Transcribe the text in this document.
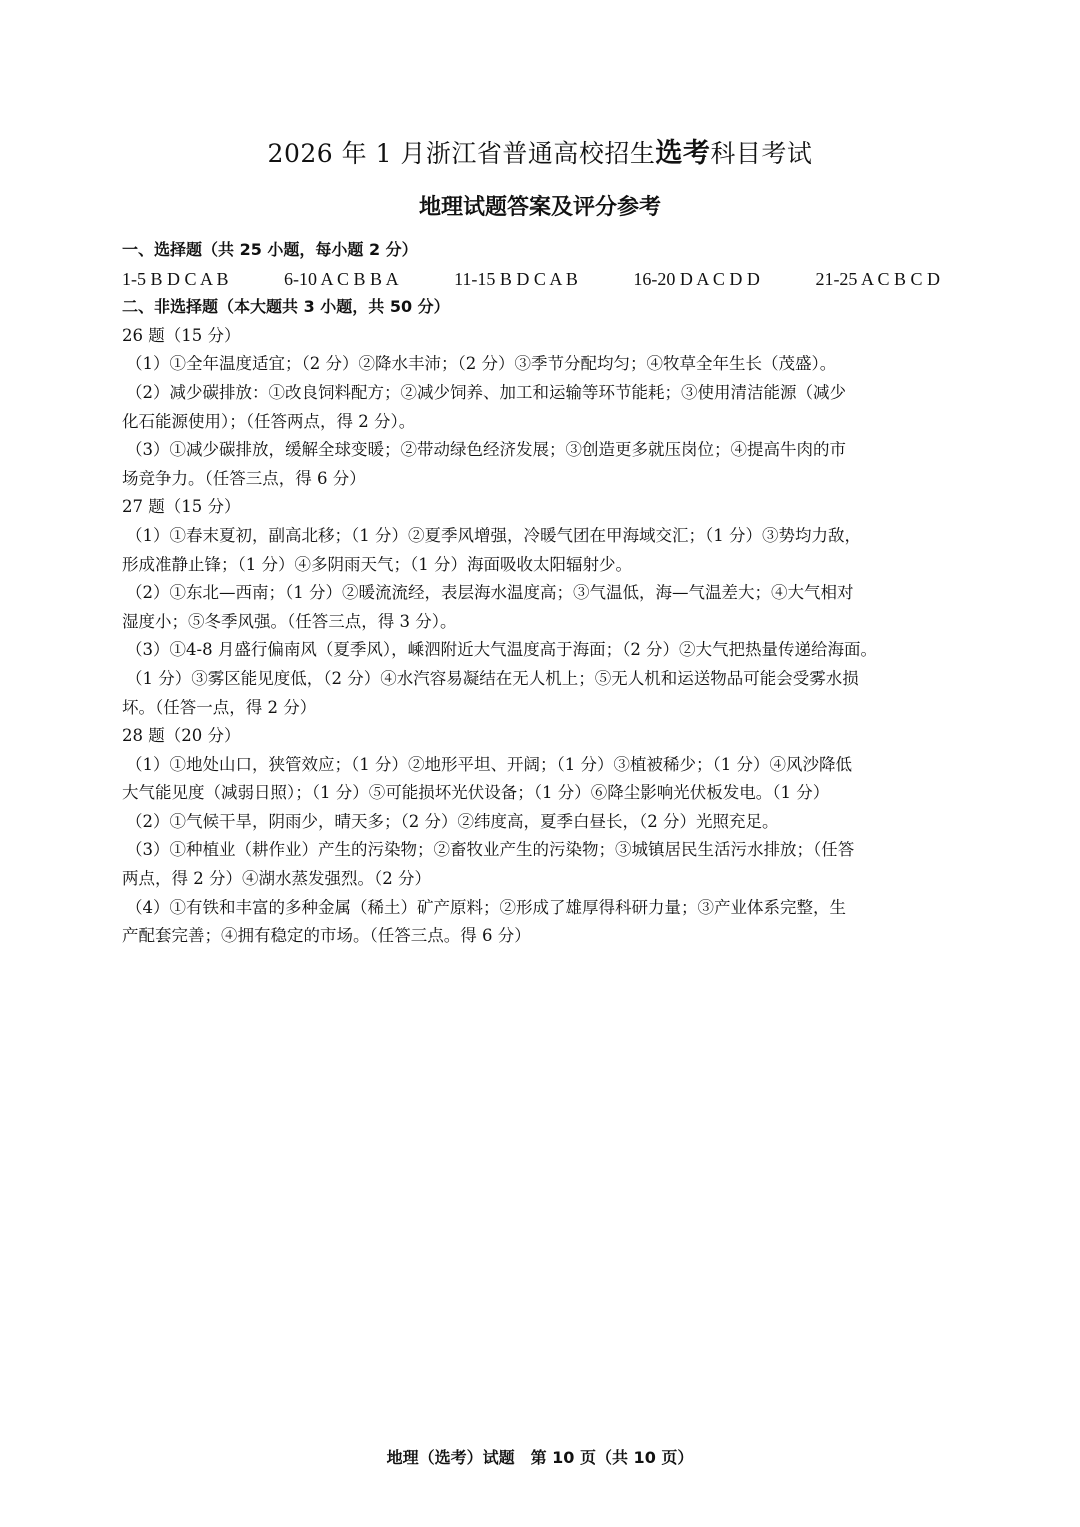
2026 年 1 月浙江省普通高校招生选考科目考试
地理试题答案及评分参考
一、选择题（共 25 小题，每小题 2 分）
1-5 B D C A B	6-10 A C B B A	11-15 B D C A B	16-20 D A C D D	21-25 A C B C D
二、非选择题（本大题共 3 小题，共 50 分）
26 题（15 分）
（1）①全年温度适宜；（2 分）②降水丰沛；（2 分）③季节分配均匀；④牧草全年生长（茂盛）。
（2）减少碳排放：①改良饲料配方；②减少饲养、加工和运输等环节能耗；③使用清洁能源（减少
化石能源使用）；（任答两点，得 2 分）。
（3）①减少碳排放，缓解全球变暖；②带动绿色经济发展；③创造更多就压岗位；④提高牛肉的市
场竞争力。（任答三点，得 6 分）
27 题（15 分）
（1）①春末夏初，副高北移；（1 分）②夏季风增强，冷暖气团在甲海域交汇；（1 分）③势均力敌，
形成准静止锋；（1 分）④多阴雨天气；（1 分）海面吸收太阳辐射少。
（2）①东北—西南；（1 分）②暖流流经，表层海水温度高；③气温低，海—气温差大；④大气相对
湿度小；⑤冬季风强。（任答三点，得 3 分）。
（3）①4-8 月盛行偏南风（夏季风），嵊泗附近大气温度高于海面；（2 分）②大气把热量传递给海面。
（1 分）③雾区能见度低，（2 分）④水汽容易凝结在无人机上；⑤无人机和运送物品可能会受雾水损
坏。（任答一点，得 2 分）
28 题（20 分）
（1）①地处山口，狭管效应；（1 分）②地形平坦、开阔；（1 分）③植被稀少；（1 分）④风沙降低
大气能见度（减弱日照）；（1 分）⑤可能损坏光伏设备；（1 分）⑥降尘影响光伏板发电。（1 分）
（2）①气候干旱，阴雨少，晴天多；（2 分）②纬度高，夏季白昼长，（2 分）光照充足。
（3）①种植业（耕作业）产生的污染物；②畜牧业产生的污染物；③城镇居民生活污水排放；（任答
两点，得 2 分）④湖水蒸发强烈。（2 分）
（4）①有铁和丰富的多种金属（稀土）矿产原料；②形成了雄厚得科研力量；③产业体系完整，生
产配套完善；④拥有稳定的市场。（任答三点。得 6 分）
地理（选考）试题　第 10 页（共 10 页）
